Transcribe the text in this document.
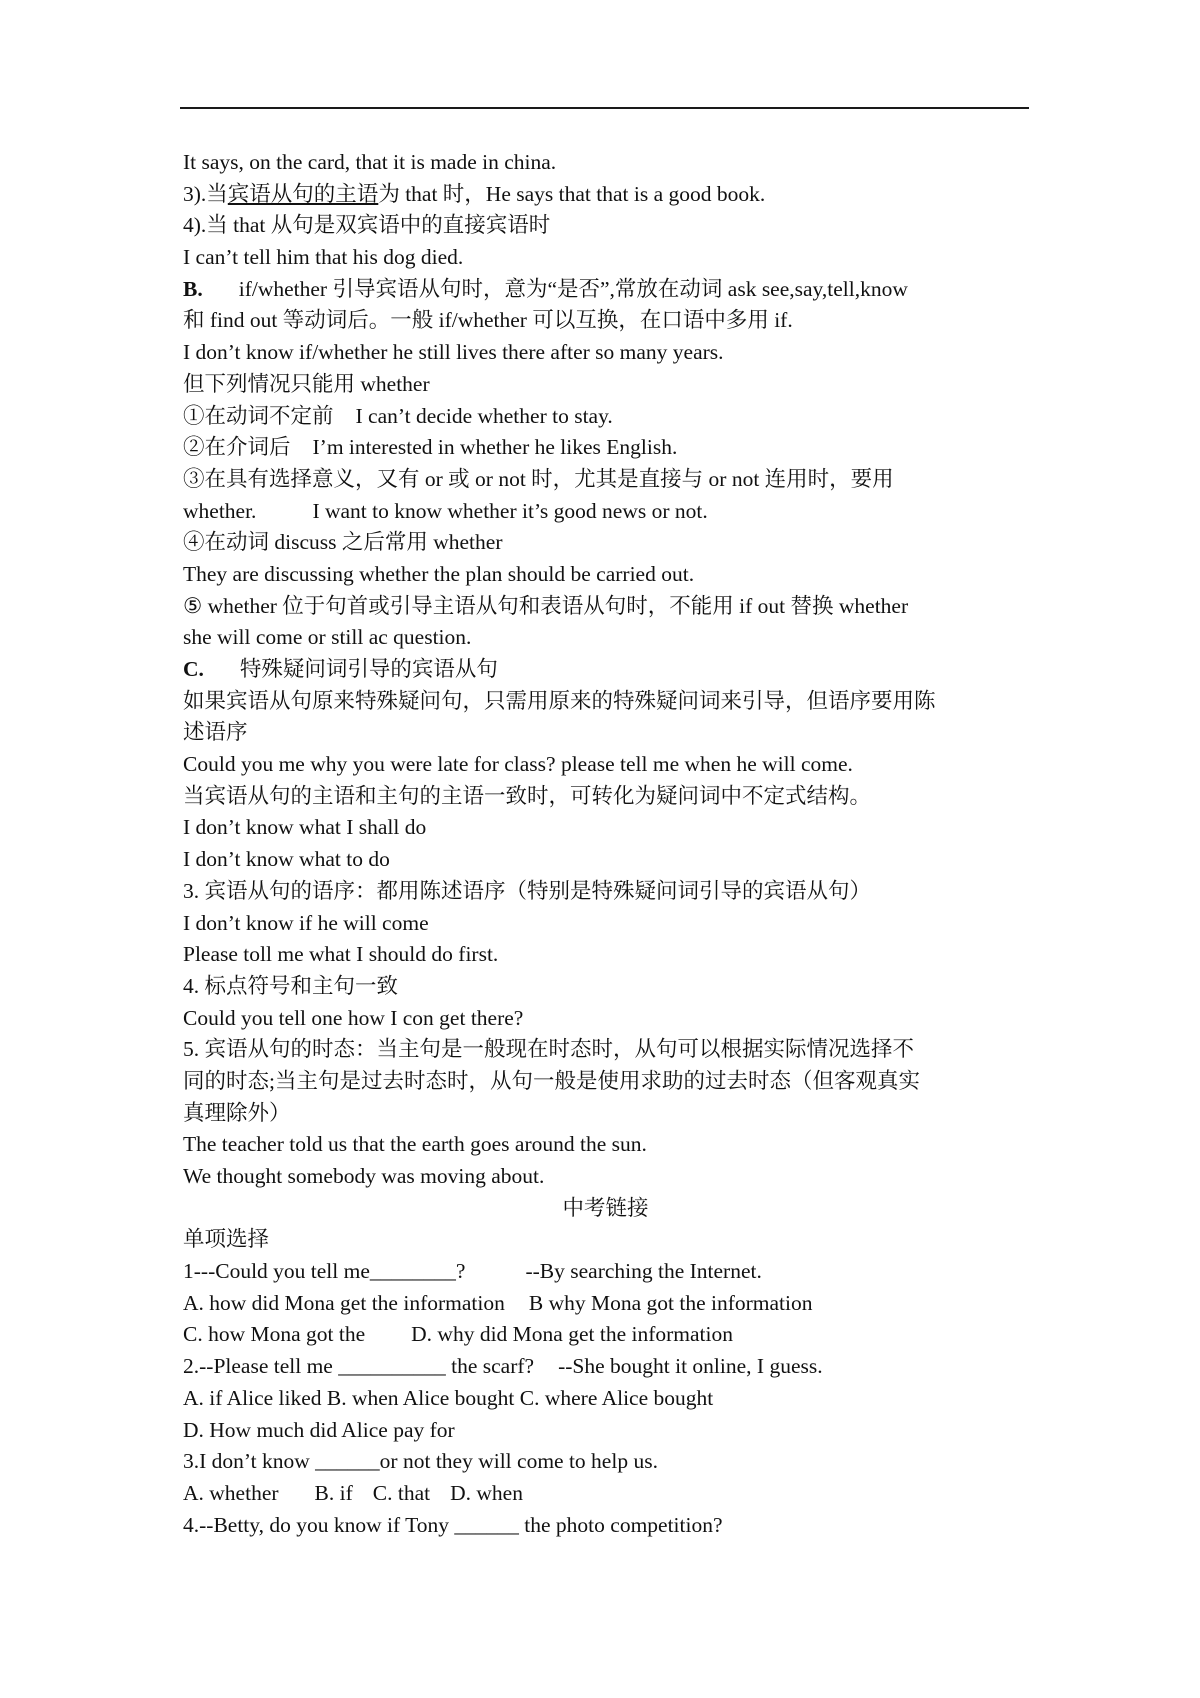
It says, on the card, that it is made in china.
3).当宾语从句的主语为 that 时，He says that that is a good book.
4).当 that 从句是双宾语中的直接宾语时
I can’t tell him that his dog died.
B. if/whether 引导宾语从句时，意为“是否”,常放在动词 ask see,say,tell,know
和 find out 等动词后。一般 if/whether 可以互换，在口语中多用 if.
I don’t know if/whether he still lives there after so many years.
但下列情况只能用 whether
①在动词不定前 I can’t decide whether to stay.
②在介词后 I’m interested in whether he likes English.
③在具有选择意义，又有 or 或 or not 时，尤其是直接与 or not 连用时，要用
whether.	I want to know whether it’s good news or not.
④在动词 discuss 之后常用 whether
They are discussing whether the plan should be carried out.
⑤ whether 位于句首或引导主语从句和表语从句时，不能用 if out 替换 whether
she will come or still ac question.
C. 特殊疑问词引导的宾语从句
如果宾语从句原来特殊疑问句，只需用原来的特殊疑问词来引导，但语序要用陈
述语序
Could you me why you were late for class? please tell me when he will come.
当宾语从句的主语和主句的主语一致时，可转化为疑问词中不定式结构。
I don’t know what I shall do
I don’t know what to do
3. 宾语从句的语序：都用陈述语序（特别是特殊疑问词引导的宾语从句）
I don’t know if he will come
Please toll me what I should do first.
4. 标点符号和主句一致
Could you tell one how I con get there?
5. 宾语从句的时态：当主句是一般现在时态时，从句可以根据实际情况选择不
同的时态;当主句是过去时态时，从句一般是使用求助的过去时态（但客观真实
真理除外）
The teacher told us that the earth goes around the sun.
We thought somebody was moving about.
中考链接
单项选择
1---Could you tell me________?	--By searching the Internet.
A. how did Mona get the information B why Mona got the information
C. how Mona got the D. why did Mona get the information
2.--Please tell me __________ the scarf? --She bought it online, I guess.
A. if Alice liked B. when Alice bought C. where Alice bought
D. How much did Alice pay for
3.I don’t know ______or not they will come to help us.
A. whether B. if C. that D. when
4.--Betty, do you know if Tony ______ the photo competition?
